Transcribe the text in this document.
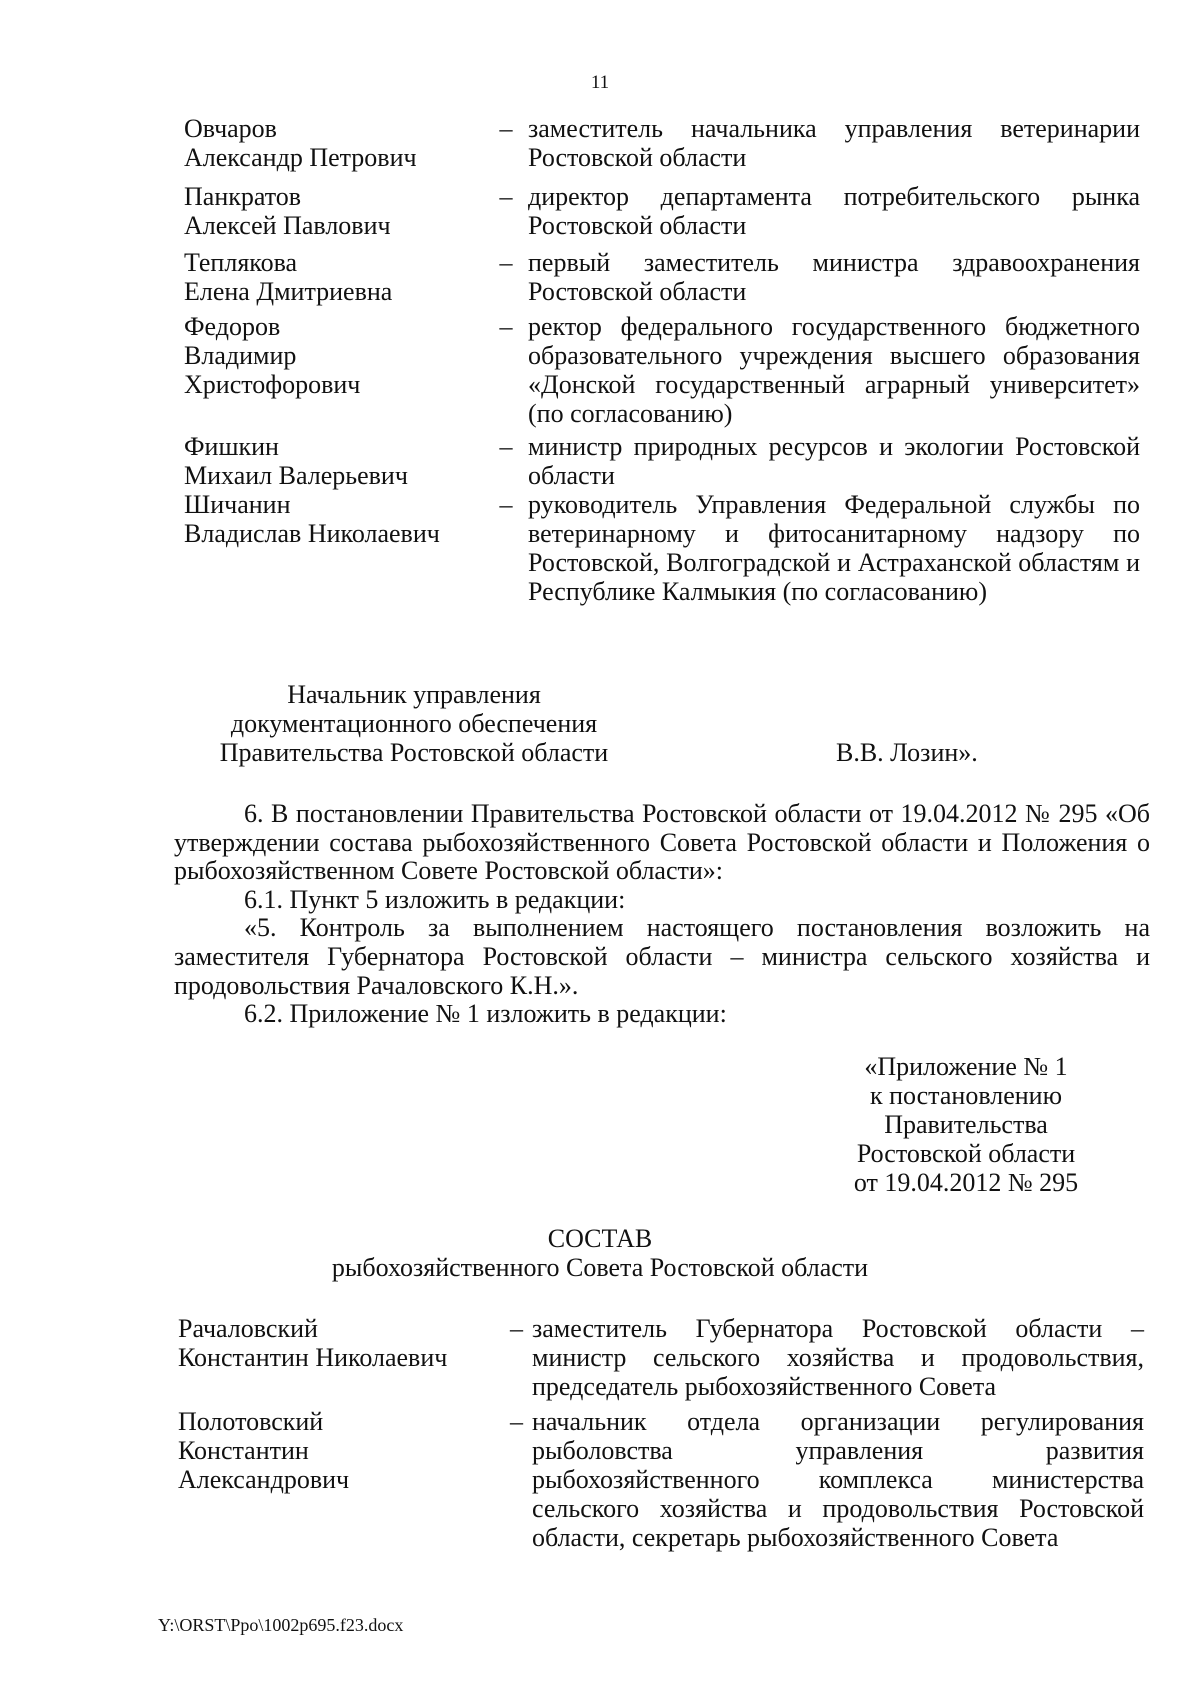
11
Овчаров
Александр Петрович
– заместитель начальника управления ветеринарии Ростовской области
Панкратов
Алексей Павлович
– директор департамента потребительского рынка Ростовской области
Теплякова
Елена Дмитриевна
– первый заместитель министра здравоохранения Ростовской области
Федоров
Владимир
Христофорович
– ректор федерального государственного бюджетного образовательного учреждения высшего образования «Донской государственный аграрный университет» (по согласованию)
Фишкин
Михаил Валерьевич
– министр природных ресурсов и экологии Ростовской области
Шичанин
Владислав Николаевич
– руководитель Управления Федеральной службы по ветеринарному и фитосанитарному надзору по Ростовской, Волгоградской и Астраханской областям и Республике Калмыкия (по согласованию)
Начальник управления
документационного обеспечения
Правительства Ростовской области	В.В. Лозин».

6. В постановлении Правительства Ростовской области от 19.04.2012 № 295 «Об утверждении состава рыбохозяйственного Совета Ростовской области и Положения о рыбохозяйственном Совете Ростовской области»:

6.1. Пункт 5 изложить в редакции:

«5. Контроль за выполнением настоящего постановления возложить на заместителя Губернатора Ростовской области – министра сельского хозяйства и продовольствия Рачаловского К.Н.».

6.2. Приложение № 1 изложить в редакции:

«Приложение № 1
к постановлению
Правительства
Ростовской области
от 19.04.2012 № 295
СОСТАВ
рыбохозяйственного Совета Ростовской области
Рачаловский
Константин Николаевич
– заместитель Губернатора Ростовской области – министр сельского хозяйства и продовольствия, председатель рыбохозяйственного Совета
Полотовский
Константин
Александрович
– начальник отдела организации регулирования рыболовства управления развития рыбохозяйственного комплекса министерства сельского хозяйства и продовольствия Ростовской области, секретарь рыбохозяйственного Совета
Y:\ORST\Ppo\1002p695.f23.docx
